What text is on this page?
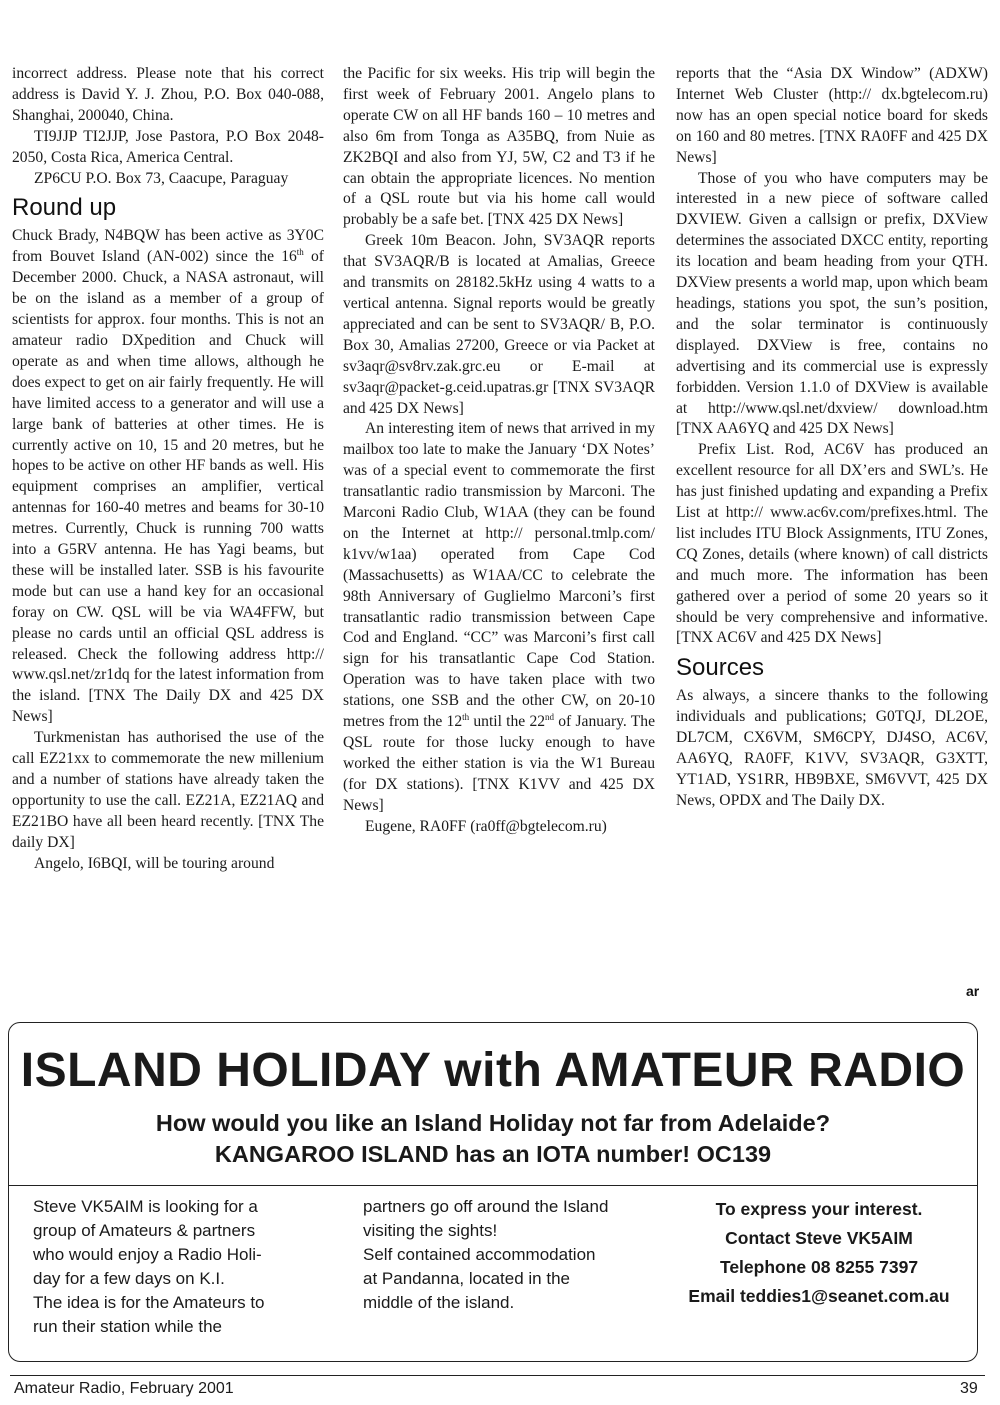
incorrect address. Please note that his correct address is David Y. J. Zhou, P.O. Box 040-088, Shanghai, 200040, China.

TI9JJP TI2JJP, Jose Pastora, P.O Box 2048-2050, Costa Rica, America Central.

ZP6CU P.O. Box 73, Caacupe, Paraguay

Round up

Chuck Brady, N4BQW has been active as 3Y0C from Bouvet Island (AN-002) since the 16th of December 2000. Chuck, a NASA astronaut, will be on the island as a member of a group of scientists for approx. four months. This is not an amateur radio DXpedition and Chuck will operate as and when time allows, although he does expect to get on air fairly frequently. He will have limited access to a generator and will use a large bank of batteries at other times. He is currently active on 10, 15 and 20 metres, but he hopes to be active on other HF bands as well. His equipment comprises an amplifier, vertical antennas for 160-40 metres and beams for 30-10 metres. Currently, Chuck is running 700 watts into a G5RV antenna. He has Yagi beams, but these will be installed later. SSB is his favourite mode but can use a hand key for an occasional foray on CW. QSL will be via WA4FFW, but please no cards until an official QSL address is released. Check the following address http:// www.qsl.net/zr1dq for the latest information from the island. [TNX The Daily DX and 425 DX News]

Turkmenistan has authorised the use of the call EZ21xx to commemorate the new millenium and a number of stations have already taken the opportunity to use the call. EZ21A, EZ21AQ and EZ21BO have all been heard recently. [TNX The daily DX]

Angelo, I6BQI, will be touring around

the Pacific for six weeks. His trip will begin the first week of February 2001. Angelo plans to operate CW on all HF bands 160 – 10 metres and also 6m from Tonga as A35BQ, from Nuie as ZK2BQI and also from YJ, 5W, C2 and T3 if he can obtain the appropriate licences. No mention of a QSL route but via his home call would probably be a safe bet. [TNX 425 DX News]

Greek 10m Beacon. John, SV3AQR reports that SV3AQR/B is located at Amalias, Greece and transmits on 28182.5kHz using 4 watts to a vertical antenna. Signal reports would be greatly appreciated and can be sent to SV3AQR/ B, P.O. Box 30, Amalias 27200, Greece or via Packet at sv3aqr@sv8rv.zak.grc.eu or E-mail at sv3aqr@packet-g.ceid.upatras.gr [TNX SV3AQR and 425 DX News]

An interesting item of news that arrived in my mailbox too late to make the January ‘DX Notes’ was of a special event to commemorate the first transatlantic radio transmission by Marconi. The Marconi Radio Club, W1AA (they can be found on the Internet at http:// personal.tmlp.com/ k1vv/w1aa) operated from Cape Cod (Massachusetts) as W1AA/CC to celebrate the 98th Anniversary of Guglielmo Marconi’s first transatlantic radio transmission between Cape Cod and England. “CC” was Marconi’s first call sign for his transatlantic Cape Cod Station. Operation was to have taken place with two stations, one SSB and the other CW, on 20-10 metres from the 12th until the 22nd of January. The QSL route for those lucky enough to have worked the either station is via the W1 Bureau (for DX stations). [TNX K1VV and 425 DX News]

Eugene, RA0FF (ra0ff@bgtelecom.ru)

reports that the “Asia DX Window” (ADXW) Internet Web Cluster (http:// dx.bgtelecom.ru) now has an open special notice board for skeds on 160 and 80 metres. [TNX RA0FF and 425 DX News]

Those of you who have computers may be interested in a new piece of software called DXVIEW. Given a callsign or prefix, DXView determines the associated DXCC entity, reporting its location and beam heading from your QTH. DXView presents a world map, upon which beam headings, stations you spot, the sun’s position, and the solar terminator is continuously displayed. DXView is free, contains no advertising and its commercial use is expressly forbidden. Version 1.1.0 of DXView is available at http://www.qsl.net/dxview/ download.htm [TNX AA6YQ and 425 DX News]

Prefix List. Rod, AC6V has produced an excellent resource for all DX’ers and SWL’s. He has just finished updating and expanding a Prefix List at http:// www.ac6v.com/prefixes.html. The list includes ITU Block Assignments, ITU Zones, CQ Zones, details (where known) of call districts and much more. The information has been gathered over a period of some 20 years so it should be very comprehensive and informative. [TNX AC6V and 425 DX News]

Sources

As always, a sincere thanks to the following individuals and publications; G0TQJ, DL2OE, DL7CM, CX6VM, SM6CPY, DJ4SO, AC6V, AA6YQ, RA0FF, K1VV, SV3AQR, G3XTT, YT1AD, YS1RR, HB9BXE, SM6VVT, 425 DX News, OPDX and The Daily DX.

ar
ISLAND HOLIDAY with AMATEUR RADIO
How would you like an Island Holiday not far from Adelaide?
KANGAROO ISLAND has an IOTA number! OC139
Steve VK5AIM is looking for a
group of Amateurs & partners
who would enjoy a Radio Holi-
day for a few days on K.I.
The idea is for the Amateurs to
run their station while the
partners go off around the Island
visiting the sights!
Self contained accommodation
at Pandanna, located in the
middle of the island.
To express your interest.
Contact Steve VK5AIM
Telephone 08 8255 7397
Email teddies1@seanet.com.au
Amateur Radio, February 2001	39
